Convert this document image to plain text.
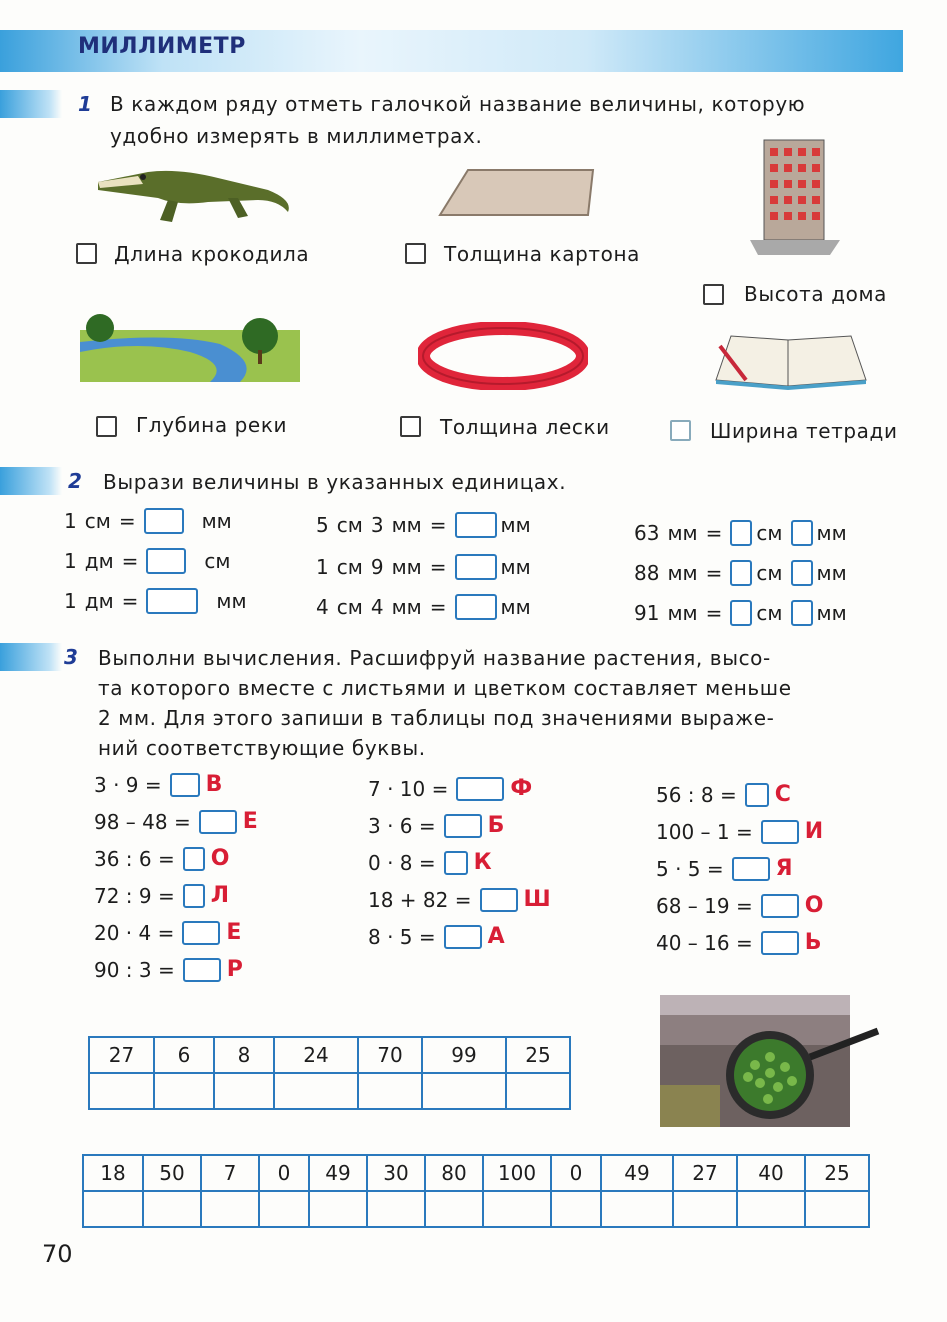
МИЛЛИМЕТР
1 В каждом ряду отметь галочкой название величины, которую
удобно измерять в миллиметрах.
Длина крокодила	Толщина картона
Высота дома
Глубина реки	Толщина лески	Ширина тетради
2 Вырази величины в указанных единицах.
1 см =	мм
1 дм =	см
1 дм =	мм
5 см 3 мм =	мм
1 см 9 мм =	мм
4 см 4 мм =	мм
63 мм = см мм
88 мм = см мм
91 мм = см мм
3 Выполни вычисления. Расшифруй название растения, высо-
та которого вместе с листьями и цветком составляет меньше
2 мм. Для этого запиши в таблицы под значениями выраже-
ний соответствующие буквы.
3 · 9 = В
98 – 48 = Е
36 : 6 = О
72 : 9 = Л
20 · 4 = Е
90 : 3 = Р
7 · 10 =	Ф
3 · 6 = Б
0 · 8 = К
18 + 82 = Ш
8 · 5 = А
56 : 8 = С
100 – 1 = И
5 · 5 = Я
68 – 19 = О
40 – 16 = Ь
27	6	8	24	70	99	25

18	50	7	0	49	30	80	100	0	49	27	40	25

70
